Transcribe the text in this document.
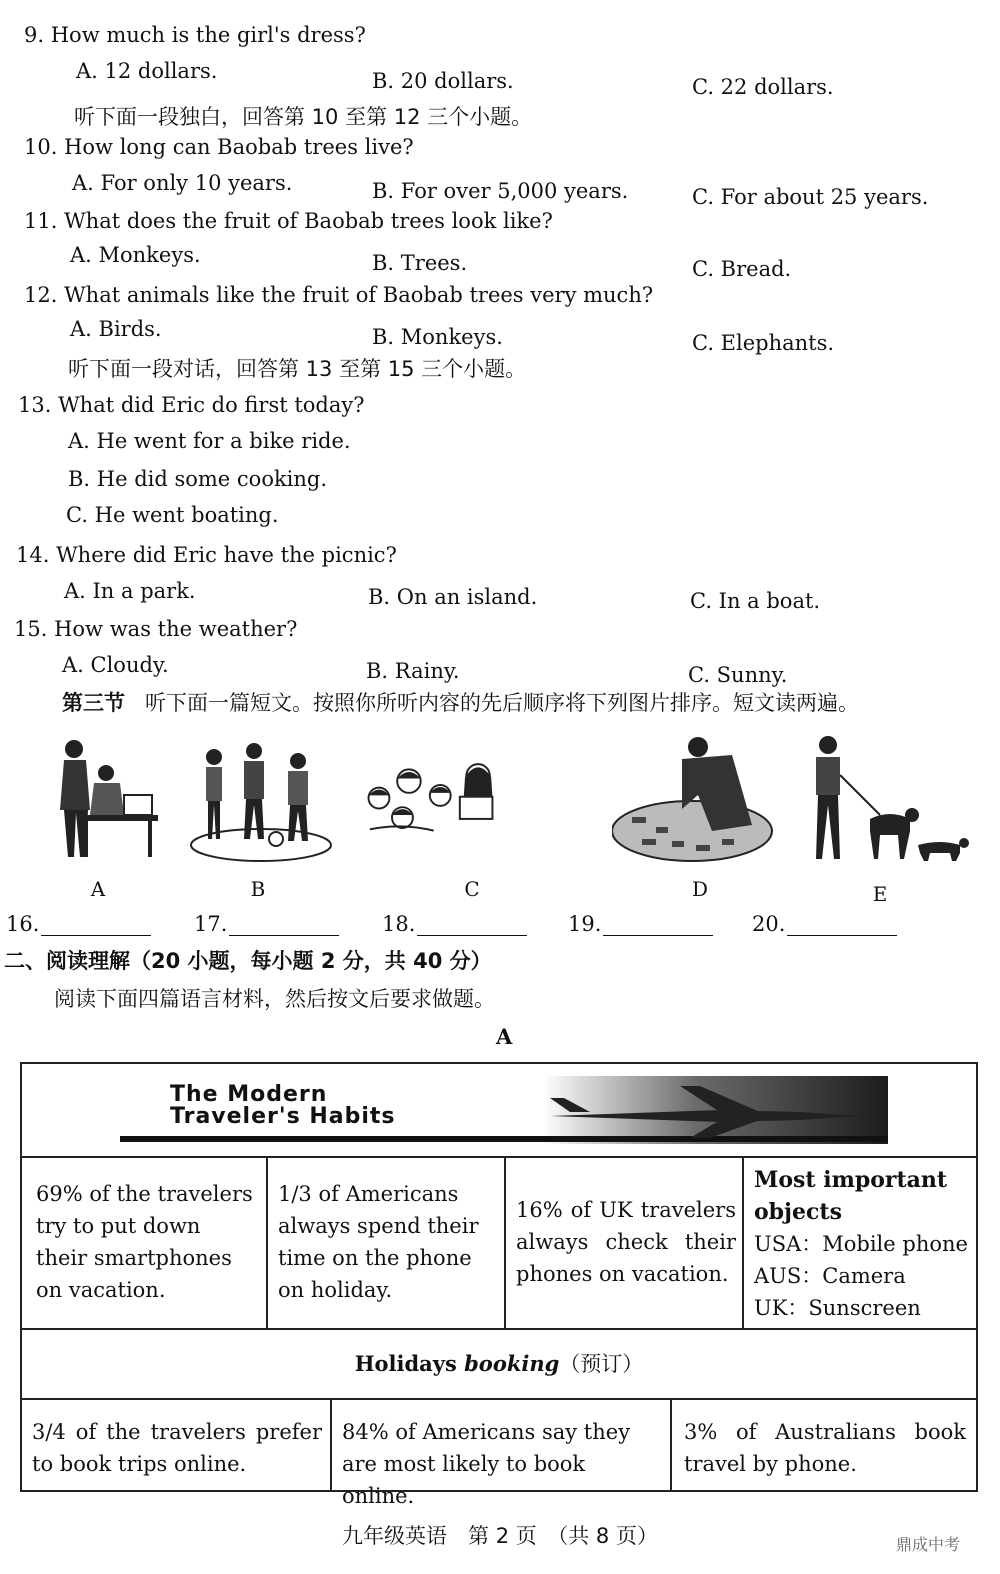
9. How much is the girl's dress?
A. 12 dollars.	B. 20 dollars.	C. 22 dollars.
听下面一段独白，回答第 10 至第 12 三个小题。
10. How long can Baobab trees live?
A. For only 10 years.	B. For over 5,000 years.	C. For about 25 years.
11. What does the fruit of Baobab trees look like?
A. Monkeys.	B. Trees.	C. Bread.
12. What animals like the fruit of Baobab trees very much?
A. Birds.	B. Monkeys.	C. Elephants.
听下面一段对话，回答第 13 至第 15 三个小题。
13. What did Eric do first today?
A. He went for a bike ride.
B. He did some cooking.
C. He went boating.
14. Where did Eric have the picnic?
A. In a park.	B. On an island.	C. In a boat.
15. How was the weather?
A. Cloudy.	B. Rainy.	C. Sunny.
第三节 听下面一篇短文。按照你所听内容的先后顺序将下列图片排序。短文读两遍。
A	B	C	D	E
16.	17.	18.	19.	20.
二、阅读理解（20 小题，每小题 2 分，共 40 分）
阅读下面四篇语言材料，然后按文后要求做题。
A
The Modern
Traveler's Habits
69% of the travelers try to put down their smartphones on vacation.
1/3 of Americans always spend their time on the phone on holiday.
16% of UK travelers always check their phones on vacation.
Most important objects
USA：Mobile phone
AUS：Camera
UK：Sunscreen
Holidays booking（预订）
3/4 of the travelers prefer to book trips online.
84% of Americans say they are most likely to book online.
3% of Australians book travel by phone.
九年级英语　第 2 页　（共 8 页）	鼎成中考
